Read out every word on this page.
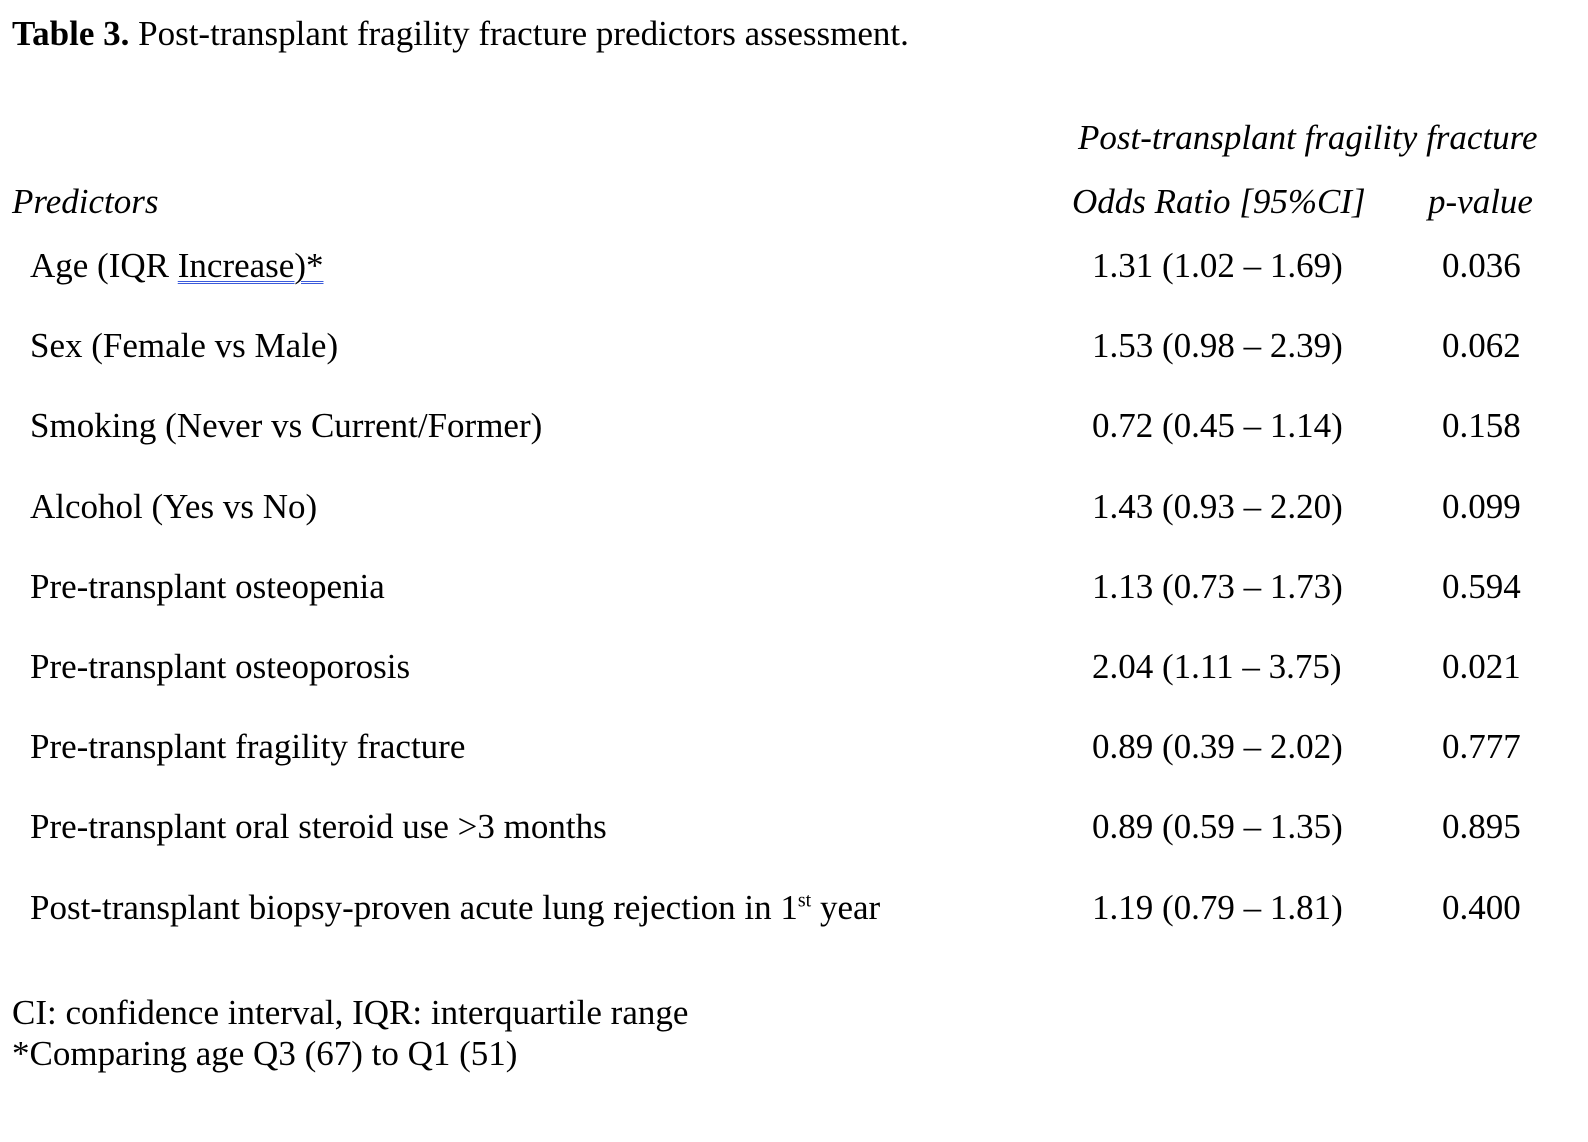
Table 3. Post-transplant fragility fracture predictors assessment.
Post-transplant fragility fracture
Predictors	Odds Ratio [95%CI] p-value
Age (IQR Increase)*	1.31 (1.02 – 1.69)	0.036
Sex (Female vs Male)	1.53 (0.98 – 2.39)	0.062
Smoking (Never vs Current/Former)	0.72 (0.45 – 1.14)	0.158
Alcohol (Yes vs No)	1.43 (0.93 – 2.20)	0.099
Pre-transplant osteopenia	1.13 (0.73 – 1.73)	0.594
Pre-transplant osteoporosis	2.04 (1.11 – 3.75)	0.021
Pre-transplant fragility fracture	0.89 (0.39 – 2.02)	0.777
Pre-transplant oral steroid use >3 months	0.89 (0.59 – 1.35)	0.895
Post-transplant biopsy-proven acute lung rejection in 1st year	1.19 (0.79 – 1.81)	0.400
CI: confidence interval, IQR: interquartile range
*Comparing age Q3 (67) to Q1 (51)
